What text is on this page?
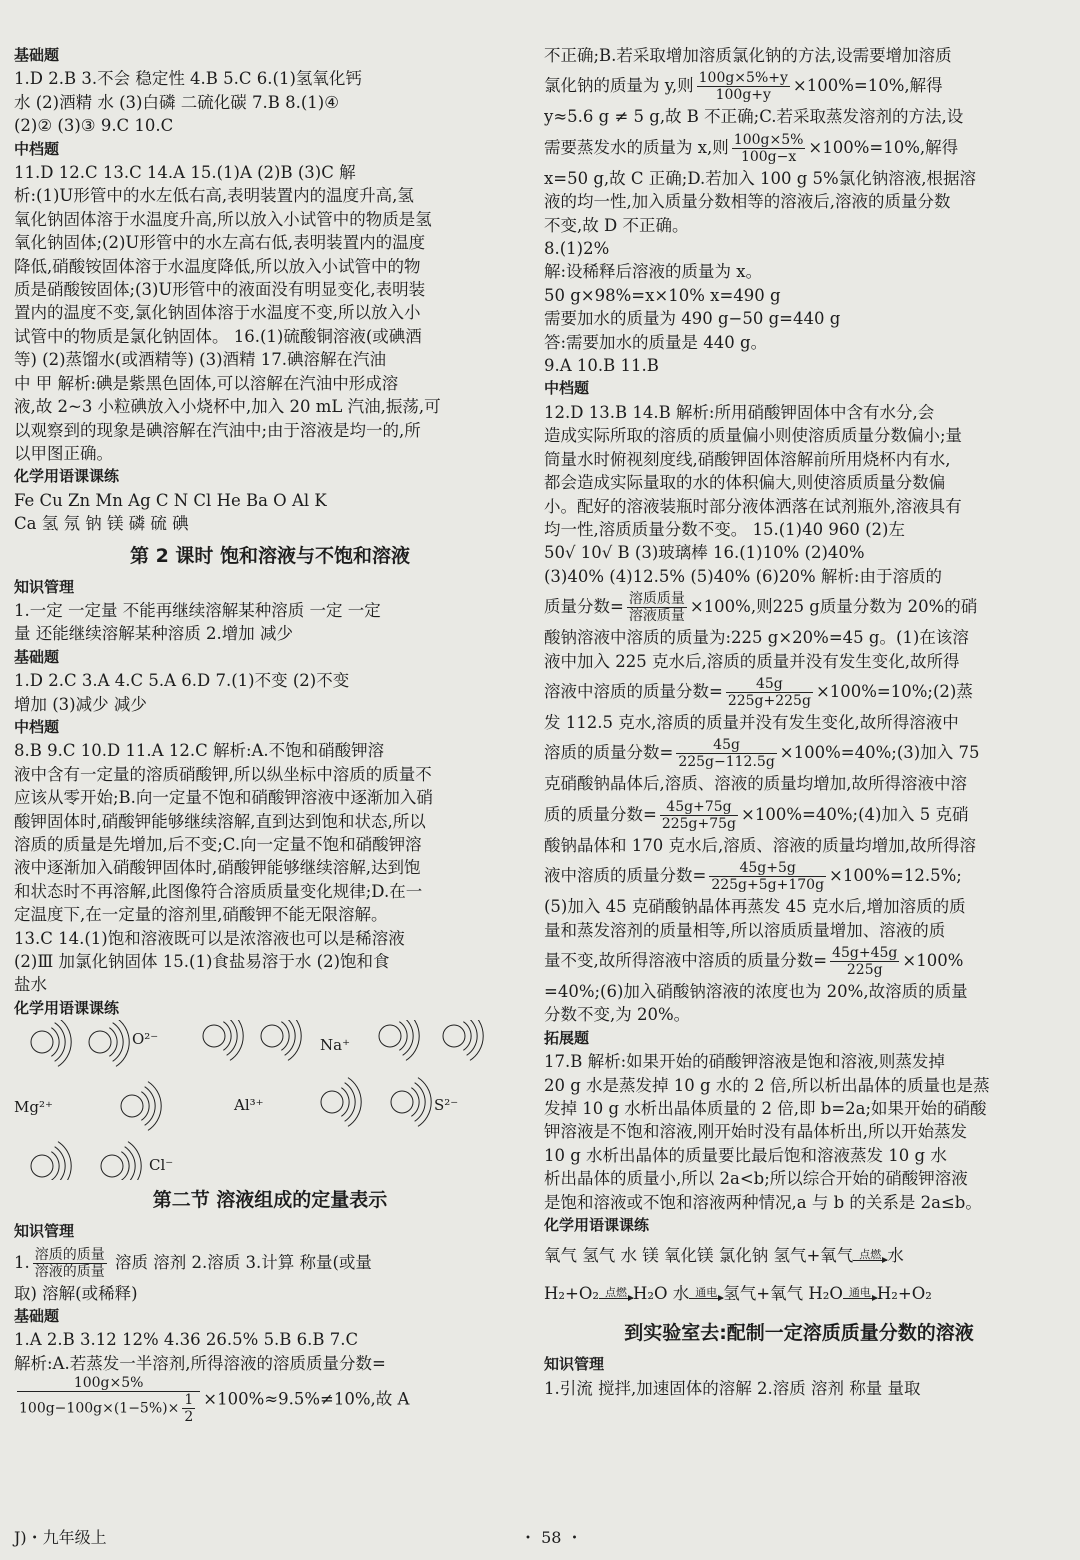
基础题
1.D 2.B 3.不会 稳定性 4.B 5.C 6.(1)氢氧化钙
水 (2)酒精 水 (3)白磷 二硫化碳 7.B 8.(1)④
(2)② (3)③ 9.C 10.C
中档题
11.D 12.C 13.C 14.A 15.(1)A (2)B (3)C 解
析:(1)U形管中的水左低右高,表明装置内的温度升高,氢
氧化钠固体溶于水温度升高,所以放入小试管中的物质是氢
氧化钠固体;(2)U形管中的水左高右低,表明装置内的温度
降低,硝酸铵固体溶于水温度降低,所以放入小试管中的物
质是硝酸铵固体;(3)U形管中的液面没有明显变化,表明装
置内的温度不变,氯化钠固体溶于水温度不变,所以放入小
试管中的物质是氯化钠固体。 16.(1)硫酸铜溶液(或碘酒
等) (2)蒸馏水(或酒精等) (3)酒精 17.碘溶解在汽油
中 甲 解析:碘是紫黑色固体,可以溶解在汽油中形成溶
液,故 2~3 小粒碘放入小烧杯中,加入 20 mL 汽油,振荡,可
以观察到的现象是碘溶解在汽油中;由于溶液是均一的,所
以甲图正确。
化学用语课课练
Fe Cu Zn Mn Ag C N Cl He Ba O Al K
Ca 氢 氖 钠 镁 磷 硫 碘
第 2 课时 饱和溶液与不饱和溶液
知识管理
1.一定 一定量 不能再继续溶解某种溶质 一定 一定
量 还能继续溶解某种溶质 2.增加 减少
基础题
1.D 2.C 3.A 4.C 5.A 6.D 7.(1)不变 (2)不变
增加 (3)减少 减少
中档题
8.B 9.C 10.D 11.A 12.C 解析:A.不饱和硝酸钾溶
液中含有一定量的溶质硝酸钾,所以纵坐标中溶质的质量不
应该从零开始;B.向一定量不饱和硝酸钾溶液中逐渐加入硝
酸钾固体时,硝酸钾能够继续溶解,直到达到饱和状态,所以
溶质的质量是先增加,后不变;C.向一定量不饱和硝酸钾溶
液中逐渐加入硝酸钾固体时,硝酸钾能够继续溶解,达到饱
和状态时不再溶解,此图像符合溶质质量变化规律;D.在一
定温度下,在一定量的溶剂里,硝酸钾不能无限溶解。
13.C 14.(1)饱和溶液既可以是浓溶液也可以是稀溶液
(2)Ⅲ 加氯化钠固体 15.(1)食盐易溶于水 (2)饱和食
盐水
化学用语课课练
O²⁻	Na⁺
Mg²⁺	Al³⁺	S²⁻
Cl⁻
第二节 溶液组成的定量表示
知识管理
1. $\frac{\text{溶质的质量}}{\text{溶液的质量}}$ 溶质 溶剂 2.溶质 3.计算 称量(或量
取) 溶解(或稀释)
基础题
1.A 2.B 3.12 12% 4.36 26.5% 5.B 6.B 7.C
解析:A.若蒸发一半溶剂,所得溶液的溶质质量分数=
$\frac{100g\times 5\%}{100g-100g\times(1-5\%)\times \frac{1}{2}} \times 100\%\approx 9.5\%\ne 10\%$,故 A
不正确;B.若采取增加溶质氯化钠的方法,设需要增加溶质
氯化钠的质量为 y,则 $\frac{100g\times 5\%+y}{100g+y} \times 100\%=10\%$,解得
y≈5.6 g ≠ 5 g,故 B 不正确;C.若采取蒸发溶剂的方法,设
需要蒸发水的质量为 x,则 $\frac{100g\times 5\%}{100g-x} \times 100\%=10\%$,解得
x=50 g,故 C 正确;D.若加入 100 g 5%氯化钠溶液,根据溶
液的均一性,加入质量分数相等的溶液后,溶液的质量分数
不变,故 D 不正确。
8.(1)2%
解:设稀释后溶液的质量为 x。
50 g×98%=x×10% x=490 g
需要加水的质量为 490 g−50 g=440 g
答:需要加水的质量是 440 g。
9.A 10.B 11.B
中档题
12.D 13.B 14.B 解析:所用硝酸钾固体中含有水分,会
造成实际所取的溶质的质量偏小则使溶质质量分数偏小;量
筒量水时俯视刻度线,硝酸钾固体溶解前所用烧杯内有水,
都会造成实际量取的水的体积偏大,则使溶质质量分数偏
小。配好的溶液装瓶时部分液体洒落在试剂瓶外,溶液具有
均一性,溶质质量分数不变。 15.(1)40 960 (2)左
50√ 10√ B (3)玻璃棒 16.(1)10% (2)40%
(3)40% (4)12.5% (5)40% (6)20% 解析:由于溶质的
质量分数= $\frac{\text{溶质质量}}{\text{溶液质量}} \times 100\%$,则225 g质量分数为 20%的硝
酸钠溶液中溶质的质量为:225 g×20%=45 g。(1)在该溶
液中加入 225 克水后,溶质的质量并没有发生变化,故所得
溶液中溶质的质量分数= $\frac{45g}{225g+225g}$ ×100%=10%;(2)蒸
发 112.5 克水,溶质的质量并没有发生变化,故所得溶液中
溶质的质量分数= $\frac{45g}{225g-112.5g}$ ×100%=40%;(3)加入 75
克硝酸钠晶体后,溶质、溶液的质量均增加,故所得溶液中溶
质的质量分数= $\frac{45g+75g}{225g+75g}$ ×100%=40%;(4)加入 5 克硝
酸钠晶体和 170 克水后,溶质、溶液的质量均增加,故所得溶
液中溶质的质量分数= $\frac{45g+5g}{225g+5g+170g} \times 100\%=12.5\%$;
(5)加入 45 克硝酸钠晶体再蒸发 45 克水后,增加溶质的质
量和蒸发溶剂的质量相等,所以溶质质量增加、溶液的质
量不变,故所得溶液中溶质的质量分数= $\frac{45g+45g}{225g} \times 100\%$
=40%;(6)加入硝酸钠溶液的浓度也为 20%,故溶质的质量
分数不变,为 20%。
拓展题
17.B 解析:如果开始的硝酸钾溶液是饱和溶液,则蒸发掉
20 g 水是蒸发掉 10 g 水的 2 倍,所以析出晶体的质量也是蒸
发掉 10 g 水析出晶体质量的 2 倍,即 b=2a;如果开始的硝酸
钾溶液是不饱和溶液,刚开始时没有晶体析出,所以开始蒸发
10 g 水析出晶体的质量要比最后饱和溶液蒸发 10 g 水
析出晶体的质量小,所以 2a<b;所以综合开始的硝酸钾溶液
是饱和溶液或不饱和溶液两种情况,a 与 b 的关系是 2a≤b。
化学用语课课练
氧气 氢气 水 镁 氧化镁 氯化钠 氢气+氧气 点燃 水
H₂+O₂ 点燃 H₂O 水 通电 氢气+氧气 H₂O 通电 H₂+O₂
到实验室去:配制一定溶质质量分数的溶液
知识管理
1.引流 搅拌,加速固体的溶解 2.溶质 溶剂 称量 量取
J)・九年级上	・ 58 ・
